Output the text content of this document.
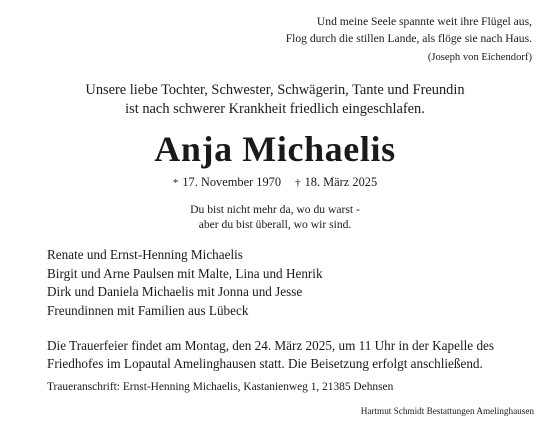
Und meine Seele spannte weit ihre Flügel aus,
Flog durch die stillen Lande, als flöge sie nach Haus.
(Joseph von Eichendorf)
Unsere liebe Tochter, Schwester, Schwägerin, Tante und Freundin
ist nach schwerer Krankheit friedlich eingeschlafen.
Anja Michaelis
* 17. November 1970 † 18. März 2025
Du bist nicht mehr da, wo du warst -
aber du bist überall, wo wir sind.
Renate und Ernst-Henning Michaelis
Birgit und Arne Paulsen mit Malte, Lina und Henrik
Dirk und Daniela Michaelis mit Jonna und Jesse
Freundinnen mit Familien aus Lübeck
Die Trauerfeier findet am Montag, den 24. März 2025, um 11 Uhr in der Kapelle des
Friedhofes im Lopautal Amelinghausen statt. Die Beisetzung erfolgt anschließend.
Traueranschrift: Ernst-Henning Michaelis, Kastanienweg 1, 21385 Dehnsen
Hartmut Schmidt Bestattungen Amelinghausen
